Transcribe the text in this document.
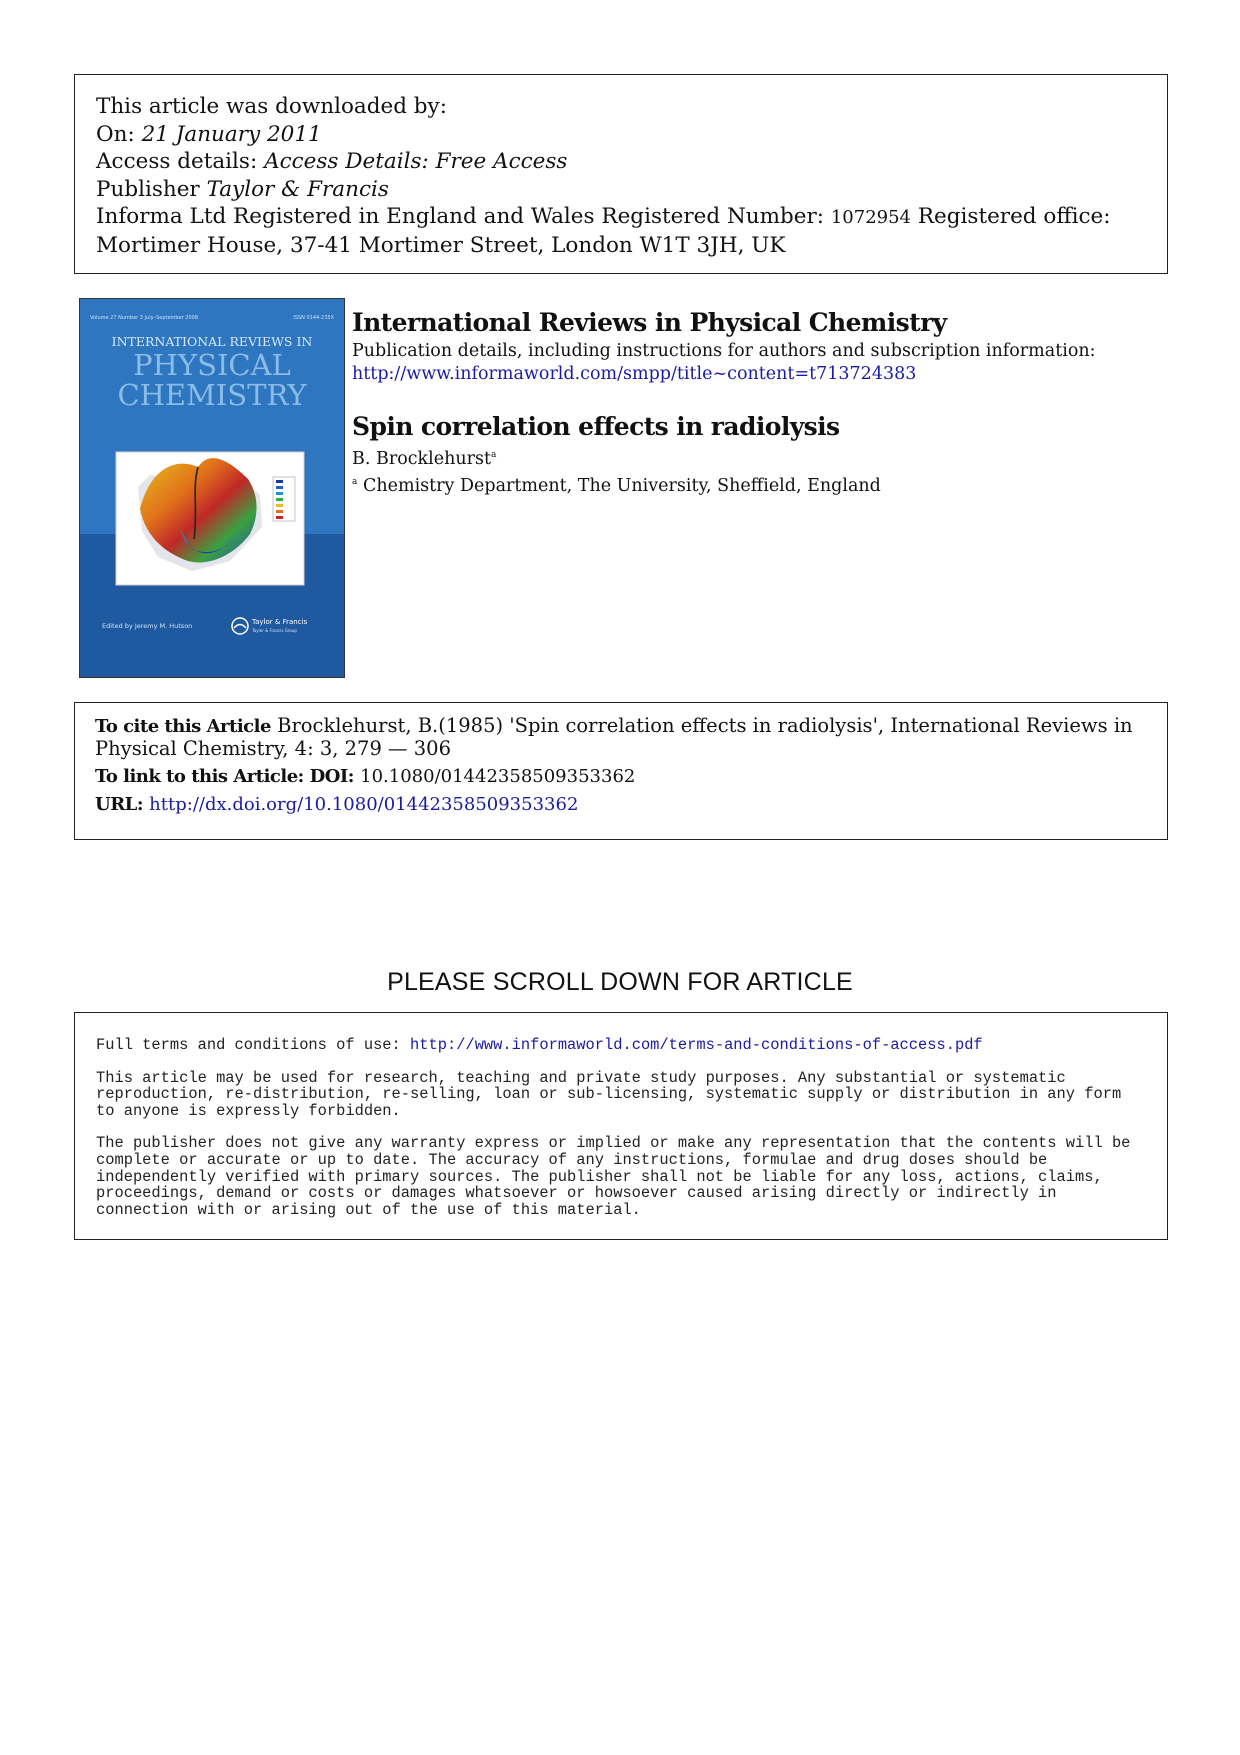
This article was downloaded by:
On: 21 January 2011
Access details: Access Details: Free Access
Publisher Taylor & Francis
Informa Ltd Registered in England and Wales Registered Number: 1072954 Registered office: Mortimer House, 37-41 Mortimer Street, London W1T 3JH, UK
Volume 27 Number 3 July–September 2008	ISSN 0144-235X
INTERNATIONAL REVIEWS IN
PHYSICAL
CHEMISTRY
Edited by Jeremy M. Hutson	Taylor & Francis
Taylor & Francis Group
International Reviews in Physical Chemistry
Publication details, including instructions for authors and subscription information:
http://www.informaworld.com/smpp/title~content=t713724383
Spin correlation effects in radiolysis
B. Brocklehurst$^a$
$^a$ Chemistry Department, The University, Sheffield, England
To cite this Article Brocklehurst, B.(1985) 'Spin correlation effects in radiolysis', International Reviews in Physical Chemistry, 4: 3, 279 — 306
To link to this Article: DOI: 10.1080/01442358509353362
URL: http://dx.doi.org/10.1080/01442358509353362
PLEASE SCROLL DOWN FOR ARTICLE

Full terms and conditions of use: http://www.informaworld.com/terms-and-conditions-of-access.pdf

This article may be used for research, teaching and private study purposes. Any substantial or systematic reproduction, re-distribution, re-selling, loan or sub-licensing, systematic supply or distribution in any form to anyone is expressly forbidden.

The publisher does not give any warranty express or implied or make any representation that the contents will be complete or accurate or up to date. The accuracy of any instructions, formulae and drug doses should be independently verified with primary sources. The publisher shall not be liable for any loss, actions, claims, proceedings, demand or costs or damages whatsoever or howsoever caused arising directly or indirectly in connection with or arising out of the use of this material.
